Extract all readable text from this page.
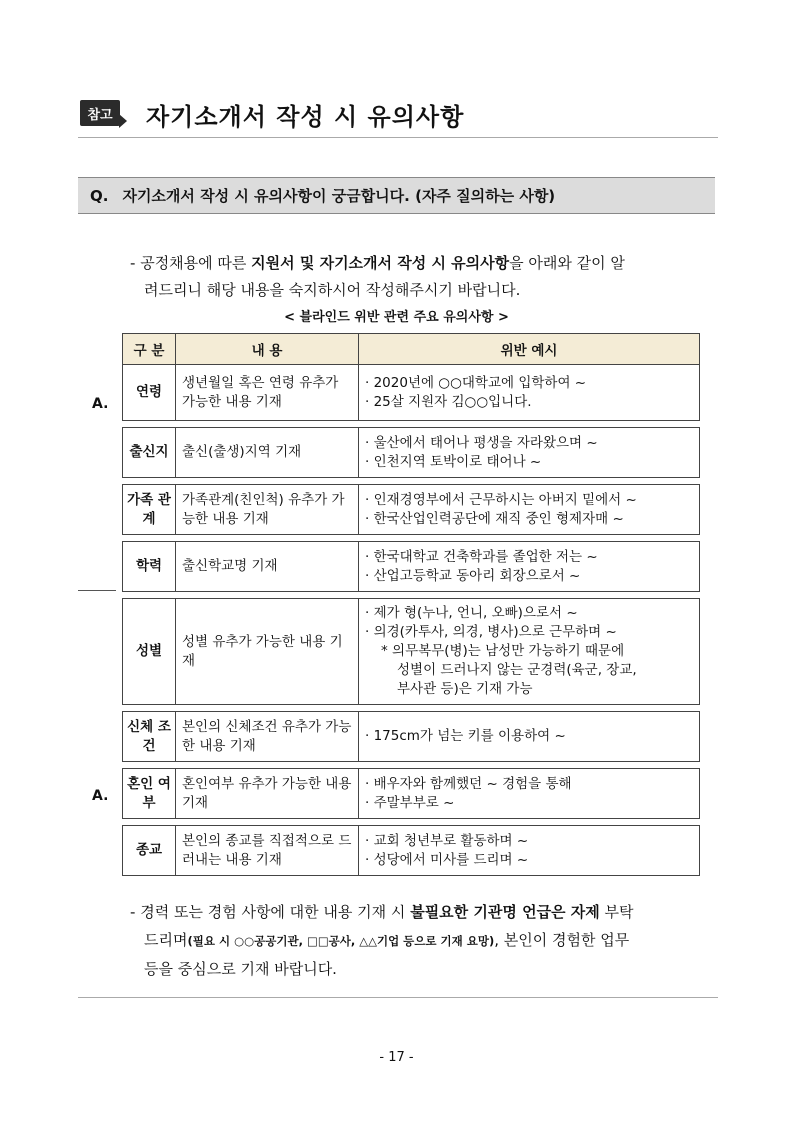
참고	자기소개서 작성 시 유의사항
Q. 자기소개서 작성 시 유의사항이 궁금합니다. (자주 질의하는 사항)
- 공정채용에 따른 지원서 및 자기소개서 작성 시 유의사항을 아래와 같이 알
려드리니 해당 내용을 숙지하시어 작성해주시기 바랍니다.
< 블라인드 위반 관련 주요 유의사항 >
A.
A.
구 분	내 용	위반 예시
연령	생년월일 혹은 연령 유추가 가능한 내용 기재	· 2020년에 ○○대학교에 입학하여 ~
· 25살 지원자 김○○입니다.

출신지	출신(출생)지역 기재	· 울산에서 태어나 평생을 자라왔으며 ~
· 인천지역 토박이로 태어나 ~

가족 관계	가족관계(친인척) 유추가 가능한 내용 기재	· 인재경영부에서 근무하시는 아버지 밑에서 ~
· 한국산업인력공단에 재직 중인 형제자매 ~

학력	출신학교명 기재	· 한국대학교 건축학과를 졸업한 저는 ~
· 산업고등학교 동아리 회장으로서 ~

성별	성별 유추가 가능한 내용 기재	· 제가 형(누나, 언니, 오빠)으로서 ~
· 의경(카투사, 의경, 병사)으로 근무하며 ~
* 의무복무(병)는 남성만 가능하기 때문에
성별이 드러나지 않는 군경력(육군, 장교,
부사관 등)은 기재 가능

신체 조건	본인의 신체조건 유추가 가능한 내용 기재	· 175cm가 넘는 키를 이용하여 ~

혼인 여부	혼인여부 유추가 가능한 내용 기재	· 배우자와 함께했던 ~ 경험을 통해
· 주말부부로 ~

종교	본인의 종교를 직접적으로 드러내는 내용 기재	· 교회 청년부로 활동하며 ~
· 성당에서 미사를 드리며 ~
- 경력 또는 경험 사항에 대한 내용 기재 시 불필요한 기관명 언급은 자제 부탁
드리며(필요 시 ○○공공기관, □□공사, △△기업 등으로 기재 요망), 본인이 경험한 업무
등을 중심으로 기재 바랍니다.
- 17 -
